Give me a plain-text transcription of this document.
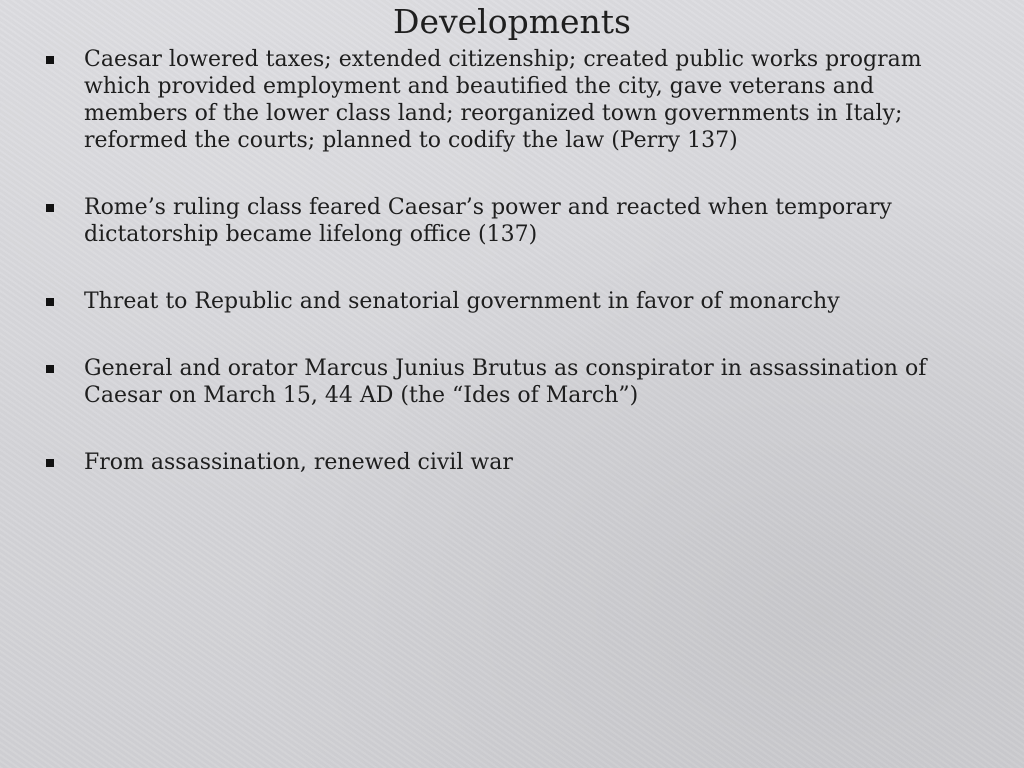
Developments
Caesar lowered taxes; extended citizenship; created public works program which provided employment and beautified the city, gave veterans and members of the lower class land; reorganized town governments in Italy; reformed the courts; planned to codify the law (Perry 137)
Rome’s ruling class feared Caesar’s power and reacted when temporary dictatorship became lifelong office (137)
Threat to Republic and senatorial government in favor of monarchy
General and orator Marcus Junius Brutus as conspirator in assassination of Caesar on March 15, 44 AD (the “Ides of March”)
From assassination, renewed civil war
